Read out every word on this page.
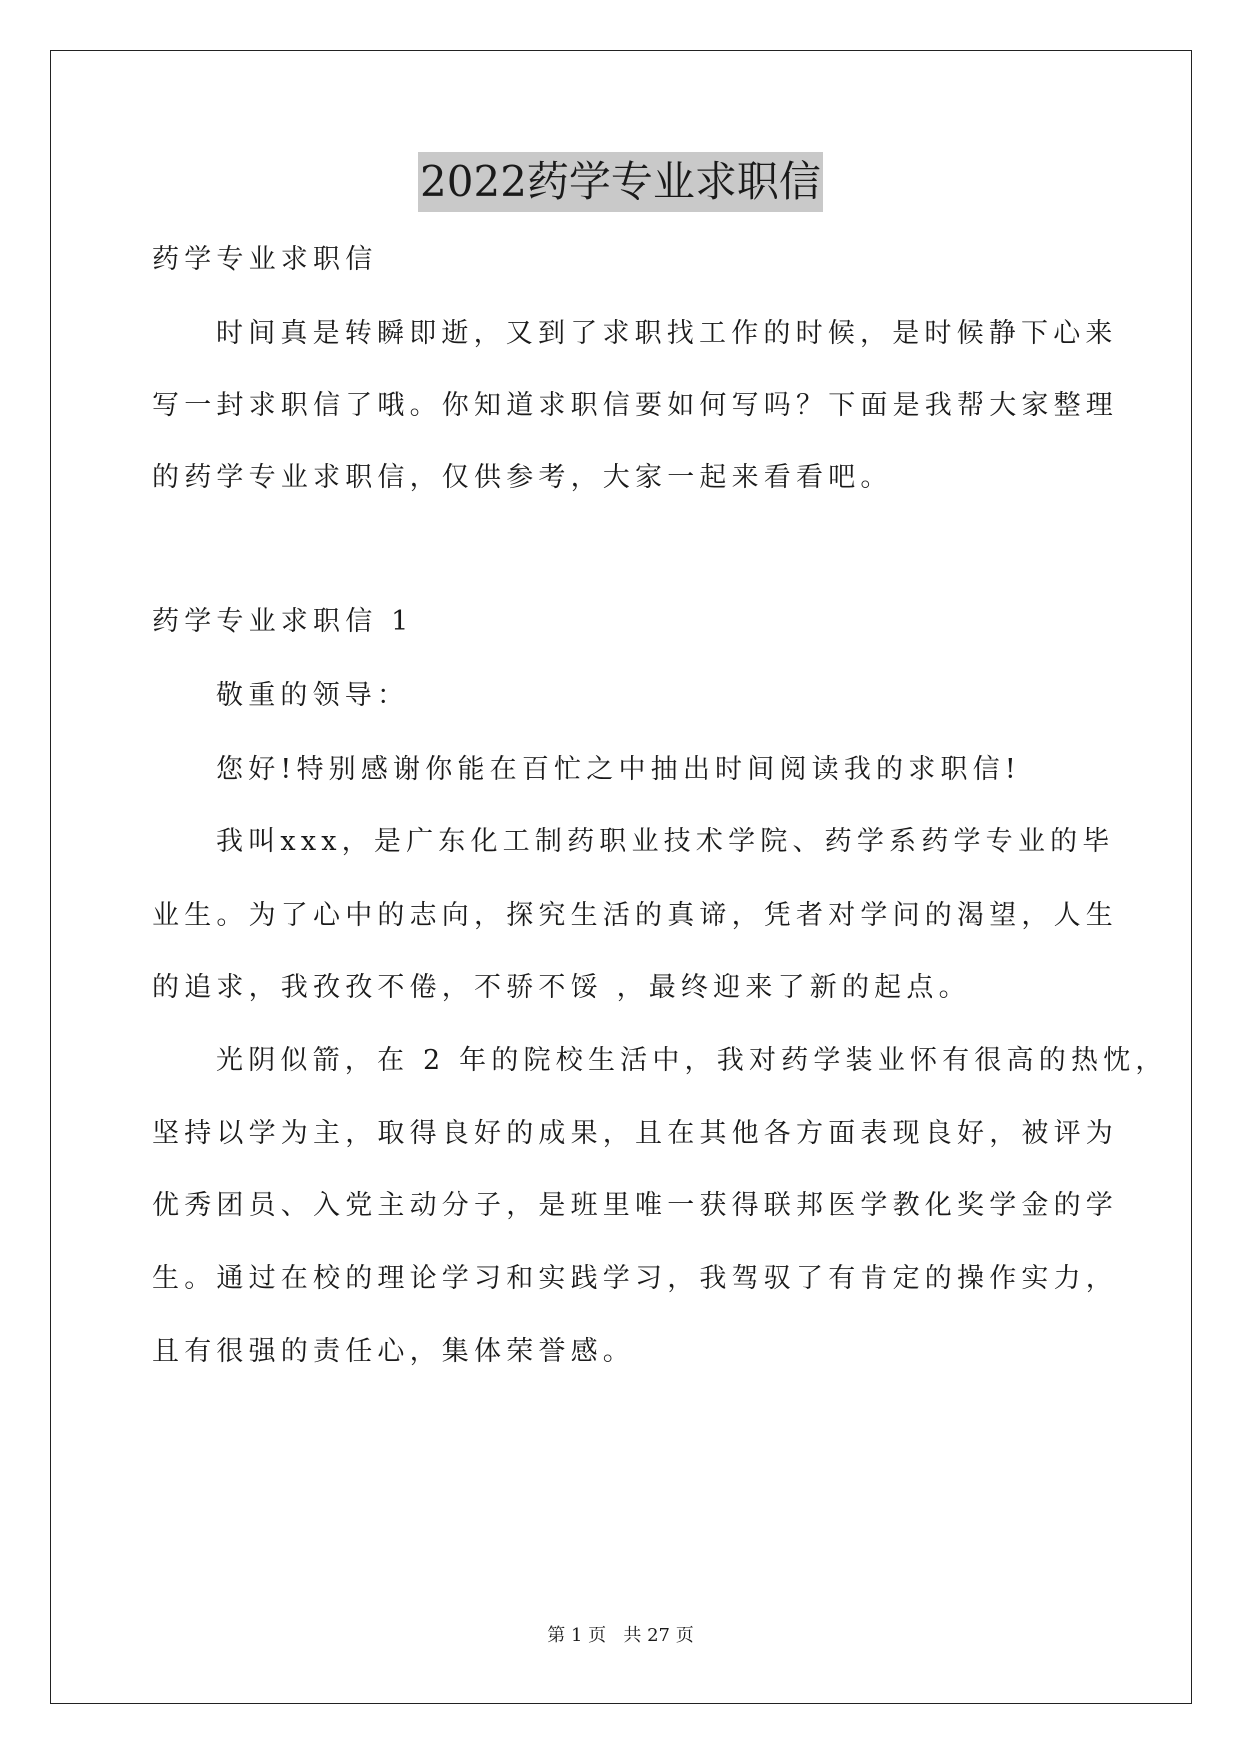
2022药学专业求职信
药学专业求职信
时间真是转瞬即逝，又到了求职找工作的时候，是时候静下心来
写一封求职信了哦。你知道求职信要如何写吗？下面是我帮大家整理
的药学专业求职信，仅供参考，大家一起来看看吧。
药学专业求职信 1
敬重的领导：
您好!特别感谢你能在百忙之中抽出时间阅读我的求职信!
我叫xxx，是广东化工制药职业技术学院、药学系药学专业的毕
业生。为了心中的志向，探究生活的真谛，凭者对学问的渴望，人生
的追求，我孜孜不倦，不骄不馁 ，最终迎来了新的起点。
光阴似箭，在 2 年的院校生活中，我对药学装业怀有很高的热忱，
坚持以学为主，取得良好的成果，且在其他各方面表现良好，被评为
优秀团员、入党主动分子，是班里唯一获得联邦医学教化奖学金的学
生。通过在校的理论学习和实践学习，我驾驭了有肯定的操作实力，
且有很强的责任心，集体荣誉感。
第 1 页   共 27 页
